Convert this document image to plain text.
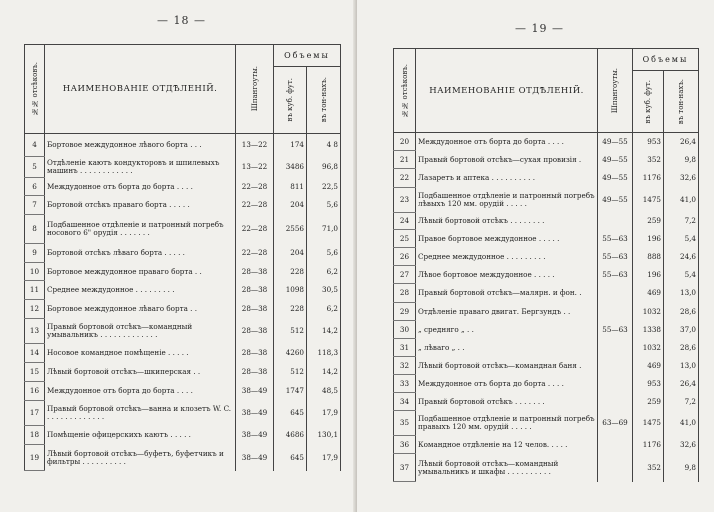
— 18 —
№№ отсѣковъ.	НАИМЕНОВАНІЕ ОТДѢЛЕНІЙ.	Шпангоуты.	Объемы	

			въ куб. фут.	въ тон-нахъ.

4	Бортовое междудонное лѣвого борта . . .	13—22	174	4 8
5	Отдѣленіе каютъ кондукторовъ и шпилевыхъ машинъ . . . . . . . . . . . .	13—22	3486	96,8
6	Междудонное отъ борта до борта . . . .	22—28	811	22,5
7	Бортовой отсѣкъ праваго борта . . . . .	22—28	204	5,6
8	Подбашенное отдѣленіе и патронный погребъ носового 6" орудія . . . . . . .	22—28	2556	71,0
9	Бортовой отсѣкъ лѣваго борта . . . . .	22—28	204	5,6
10	Бортовое междудонное праваго борта . .	28—38	228	6,2
11	Среднее междудонное . . . . . . . . .	28—38	1098	30,5
12	Бортовое междудонное лѣваго борта . .	28—38	228	6,2
13	Правый бортовой отсѣкъ—командный умывальникъ . . . . . . . . . . . . .	28—38	512	14,2
14	Носовое командное помѣщеніе . . . . .	28—38	4260	118,3
15	Лѣвый бортовой отсѣкъ—шкиперская . .	28—38	512	14,2
16	Междудонное отъ борта до борта . . . .	38—49	1747	48,5
17	Правый бортовой отсѣкъ—ванна и клозетъ W. C. . . . . . . . . . . . . .	38—49	645	17,9
18	Помѣщеніе офицерскихъ каютъ . . . . .	38—49	4686	130,1
19	Лѣвый бортовой отсѣкъ—буфетъ, буфетчикъ и фильтры . . . . . . . . . .	38—49	645	17,9
— 19 —
№№ отсѣковъ.	НАИМЕНОВАНІЕ ОТДѢЛЕНІЙ.	Шпангоуты.	Объемы	

			въ куб. фут.	въ тон-нахъ.

20	Междудонное отъ борта до борта . . . .	49—55	953	26,4
21	Правый бортовой отсѣкъ—сухая провизія .	49—55	352	9,8
22	Лазаретъ и аптека . . . . . . . . . .	49—55	1176	32,6
23	Подбашенное отдѣленіе и патронный погребъ лѣвыхъ 120 мм. орудій . . . . .	49—55	1475	41,0
24	Лѣвый бортовой отсѣкъ . . . . . . . .		259	7,2
25	Правое бортовое междудонное . . . . .	55—63	196	5,4
26	Среднее междудонное . . . . . . . . .	55—63	888	24,6
27	Лѣвое бортовое междудонное . . . . .	55—63	196	5,4
28	Правый бортовой отсѣкъ—малярн. и фон. .		469	13,0
29	Отдѣленіе праваго двигат. Бергзундъ . .		1032	28,6
30	„ средняго „ . .	55—63	1338	37,0
31	„ лѣваго „ . .		1032	28,6
32	Лѣвый бортовой отсѣкъ—командная баня .		469	13,0
33	Междудонное отъ борта до борта . . . .		953	26,4
34	Правый бортовой отсѣкъ . . . . . . .		259	7,2
35	Подбашенное отдѣленіе и патронный погребъ правыхъ 120 мм. орудій . . . . .	63—69	1475	41,0
36	Командное отдѣленіе на 12 челов. . . . .		1176	32,6
37	Лѣвый бортовой отсѣкъ—командный умывальникъ и шкафы . . . . . . . . . .		352	9,8
